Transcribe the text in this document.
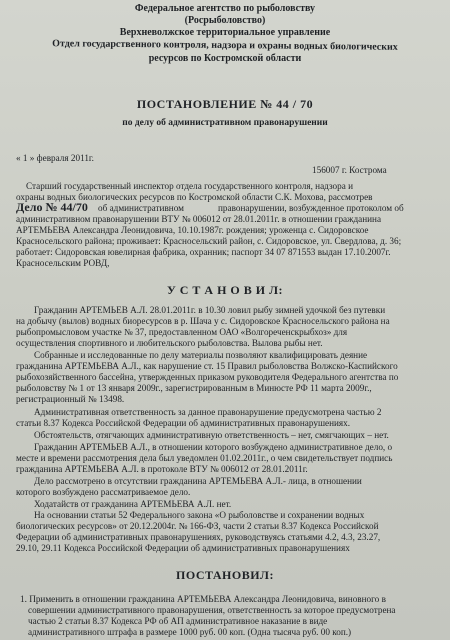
Федеральное агентство по рыболовству
(Росрыболовство)
Верхневолжское территориальное управление
Отдел государственного контроля, надзора и охраны водных биологических
ресурсов по Костромской области
ПОСТАНОВЛЕНИЕ № 44 / 70
по делу об административном правонарушении
« 1 » февраля 2011г.
156007 г. Кострома
Старший государственный инспектор отдела государственного контроля, надзора и
охраны водных биологических ресурсов по Костромской области С.К. Мохова, рассмотрев
Дело № 44/70 об административном	правонарушении, возбужденное протоколом об
административном правонарушении ВТУ № 006012 от 28.01.2011г. в отношении гражданина
АРТЕМЬЕВА Александра Леонидовича, 10.10.1987г. рождения; уроженца с. Сидоровское
Красносельского района; проживает: Красносельский район, с. Сидоровское, ул. Свердлова, д. 36;
работает: Сидоровская ювелирная фабрика, охранник; паспорт 34 07 871553 выдан 17.10.2007г.
Красносельским РОВД,
У С Т А Н О В И Л:
Гражданин АРТЕМЬЕВ А.Л. 28.01.2011г. в 10.30 ловил рыбу зимней удочкой без путевки
на добычу (вылов) водных биоресурсов в р. Шача у с. Сидоровское Красносельского района на
рыбопромысловом участке № 37, предоставленном ОАО «Волгореченскрыбхоз» для
осуществления спортивного и любительского рыболовства. Вылова рыбы нет.
Собранные и исследованные по делу материалы позволяют квалифицировать деяние
гражданина АРТЕМЬЕВА А.Л., как нарушение ст. 15 Правил рыболовства Волжско-Каспийского
рыбохозяйственного бассейна, утвержденных приказом руководителя Федерального агентства по
рыболовству № 1 от 13 января 2009г., зарегистрированным в Минюсте РФ 11 марта 2009г.,
регистрационный № 13498.
Административная ответственность за данное правонарушение предусмотрена частью 2
статьи 8.37 Кодекса Российской Федерации об административных правонарушениях.
Обстоятельств, отягчающих административную ответственность – нет, смягчающих – нет.
Гражданин АРТЕМЬЕВ А.Л., в отношении которого возбуждено административное дело, о
месте и времени рассмотрения дела был уведомлен 01.02.2011г., о чем свидетельствует подпись
гражданина АРТЕМЬЕВА А.Л. в протоколе ВТУ № 006012 от 28.01.2011г.
Дело рассмотрено в отсутствии гражданина АРТЕМЬЕВА А.Л.- лица, в отношении
которого возбуждено рассматриваемое дело.
Ходатайств от гражданина АРТЕМЬЕВА А.Л. нет.
На основании статьи 52 Федерального закона «О рыболовстве и сохранении водных
биологических ресурсов» от 20.12.2004г. № 166-ФЗ, части 2 статьи 8.37 Кодекса Российской
Федерации об административных правонарушениях, руководствуясь статьями 4.2, 4.3, 23.27,
29.10, 29.11 Кодекса Российской Федерации об административных правонарушениях
ПОСТАНОВИЛ:
1. Применить в отношении гражданина АРТЕМЬЕВА Александра Леонидовича, виновного в
совершении административного правонарушения, ответственность за которое предусмотрена
частью 2 статьи 8.37 Кодекса РФ об АП административное наказание в виде
административного штрафа в размере 1000 руб. 00 коп. (Одна тысяча руб. 00 коп.)
